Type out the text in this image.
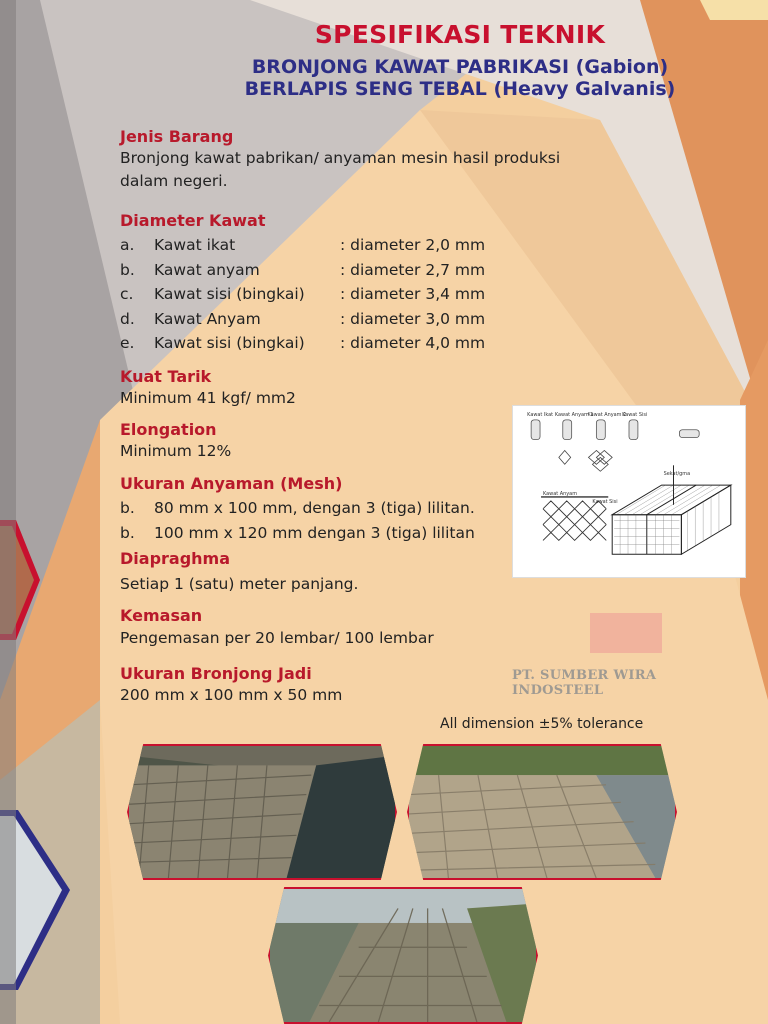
SPESIFIKASI TEKNIK
BRONJONG KAWAT PABRIKASI (Gabion)
BERLAPIS SENG TEBAL (Heavy Galvanis)
Jenis Barang
Bronjong kawat pabrikan/ anyaman mesin hasil produksi
dalam negeri.
Diameter Kawat
a.	Kawat ikat	: diameter 2,0 mm
b.	Kawat anyam	: diameter 2,7 mm
c.	Kawat sisi (bingkai)	: diameter 3,4 mm
d.	Kawat Anyam	: diameter 3,0 mm
e.	Kawat sisi (bingkai)	: diameter 4,0 mm
Kuat Tarik
Minimum 41 kgf/ mm2
Elongation
Minimum 12%
Ukuran Anyaman (Mesh)
b.	80 mm x 100 mm, dengan 3 (tiga) lilitan.
b.	100 mm x 120 mm dengan 3 (tiga) lilitan
Diapraghma
Setiap 1 (satu) meter panjang.
Kemasan
Pengemasan per 20 lembar/ 100 lembar
Ukuran Bronjong Jadi
200 mm x 100 mm x 50 mm
Kawat Ikat Kawat Anyam 1
Kawat Anyam 2
Kawat Sisi
Kawat Anyam
Kawat Sisi
Sekat/gma
PT. SUMBER WIRA INDOSTEEL
All dimension ±5% tolerance
